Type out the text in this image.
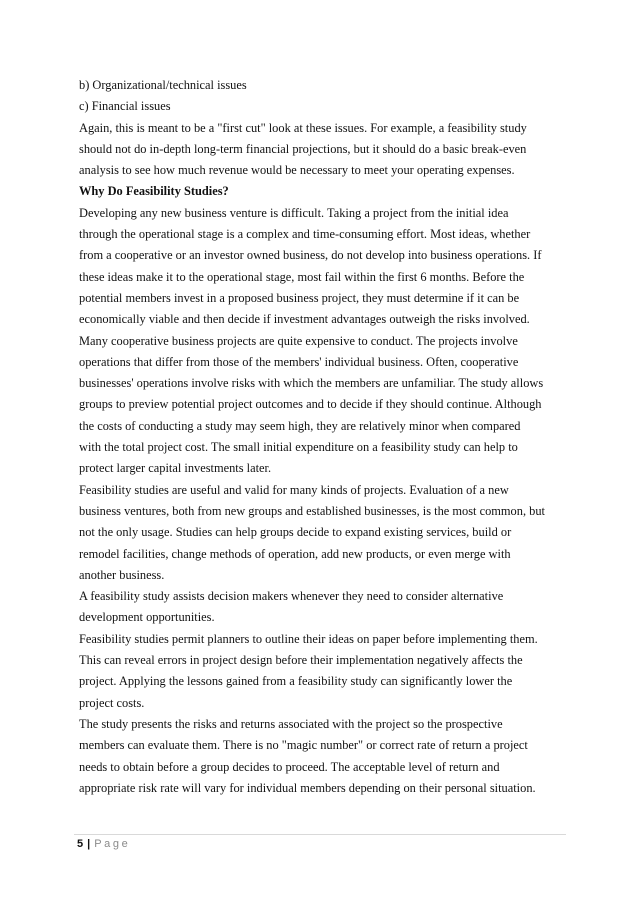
b) Organizational/technical issues
c) Financial issues
Again, this is meant to be a "first cut" look at these issues. For example, a feasibility study
should not do in-depth long-term financial projections, but it should do a basic break-even
analysis to see how much revenue would be necessary to meet your operating expenses.
Why Do Feasibility Studies?
Developing any new business venture is difficult. Taking a project from the initial idea
through the operational stage is a complex and time-consuming effort. Most ideas, whether
from a cooperative or an investor owned business, do not develop into business operations. If
these ideas make it to the operational stage, most fail within the first 6 months. Before the
potential members invest in a proposed business project, they must determine if it can be
economically viable and then decide if investment advantages outweigh the risks involved.
Many cooperative business projects are quite expensive to conduct. The projects involve
operations that differ from those of the members' individual business. Often, cooperative
businesses' operations involve risks with which the members are unfamiliar. The study allows
groups to preview potential project outcomes and to decide if they should continue. Although
the costs of conducting a study may seem high, they are relatively minor when compared
with the total project cost. The small initial expenditure on a feasibility study can help to
protect larger capital investments later.
Feasibility studies are useful and valid for many kinds of projects. Evaluation of a new
business ventures, both from new groups and established businesses, is the most common, but
not the only usage. Studies can help groups decide to expand existing services, build or
remodel facilities, change methods of operation, add new products, or even merge with
another business.
A feasibility study assists decision makers whenever they need to consider alternative
development opportunities.
Feasibility studies permit planners to outline their ideas on paper before implementing them.
This can reveal errors in project design before their implementation negatively affects the
project. Applying the lessons gained from a feasibility study can significantly lower the
project costs.
The study presents the risks and returns associated with the project so the prospective
members can evaluate them. There is no "magic number" or correct rate of return a project
needs to obtain before a group decides to proceed. The acceptable level of return and
appropriate risk rate will vary for individual members depending on their personal situation.
5 | Page
